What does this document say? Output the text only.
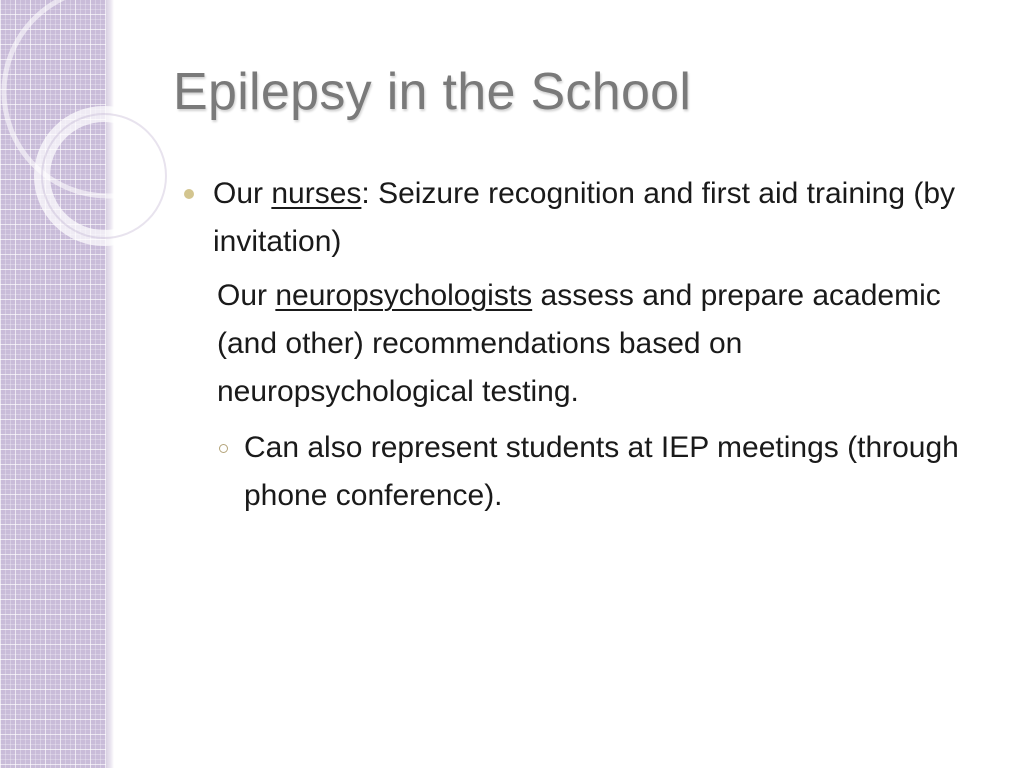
Epilepsy in the School

Our nurses: Seizure recognition and first aid training (by invitation)

Our neuropsychologists assess and prepare academic (and other) recommendations based on neuropsychological testing.

Can also represent students at IEP meetings (through phone conference).
